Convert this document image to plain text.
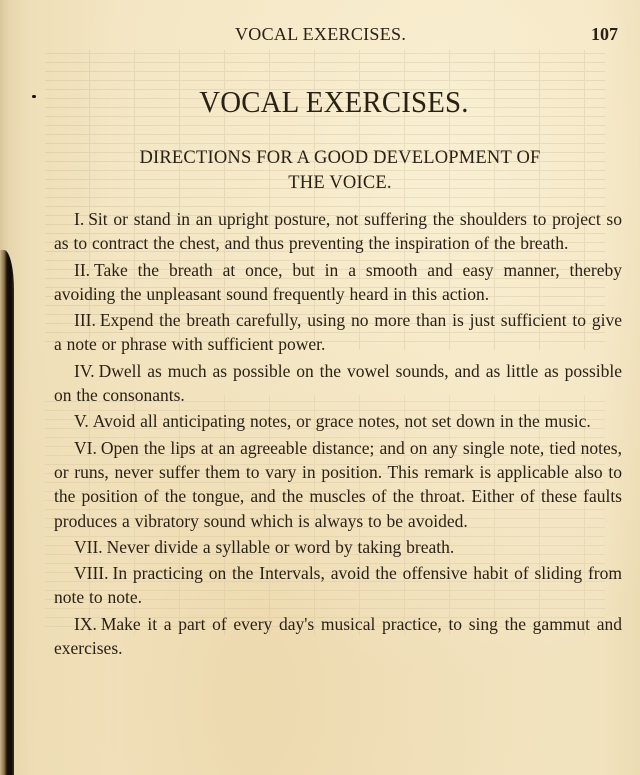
VOCAL EXERCISES.	107
VOCAL EXERCISES.
DIRECTIONS FOR A GOOD DEVELOPMENT OF
THE VOICE.

I. Sit or stand in an upright posture, not suffering the shoulders to project so as to contract the chest, and thus preventing the inspiration of the breath.

II. Take the breath at once, but in a smooth and easy manner, thereby avoiding the unpleasant sound frequently heard in this action.

III. Expend the breath carefully, using no more than is just sufficient to give a note or phrase with sufficient power.

IV. Dwell as much as possible on the vowel sounds, and as little as possible on the consonants.

V. Avoid all anticipating notes, or grace notes, not set down in the music.

VI. Open the lips at an agreeable distance; and on any single note, tied notes, or runs, never suffer them to vary in position. This remark is applicable also to the position of the tongue, and the muscles of the throat. Either of these faults produces a vibratory sound which is always to be avoided.

VII. Never divide a syllable or word by taking breath.

VIII. In practicing on the Intervals, avoid the offensive habit of sliding from note to note.

IX. Make it a part of every day's musical practice, to sing the gammut and exercises.
